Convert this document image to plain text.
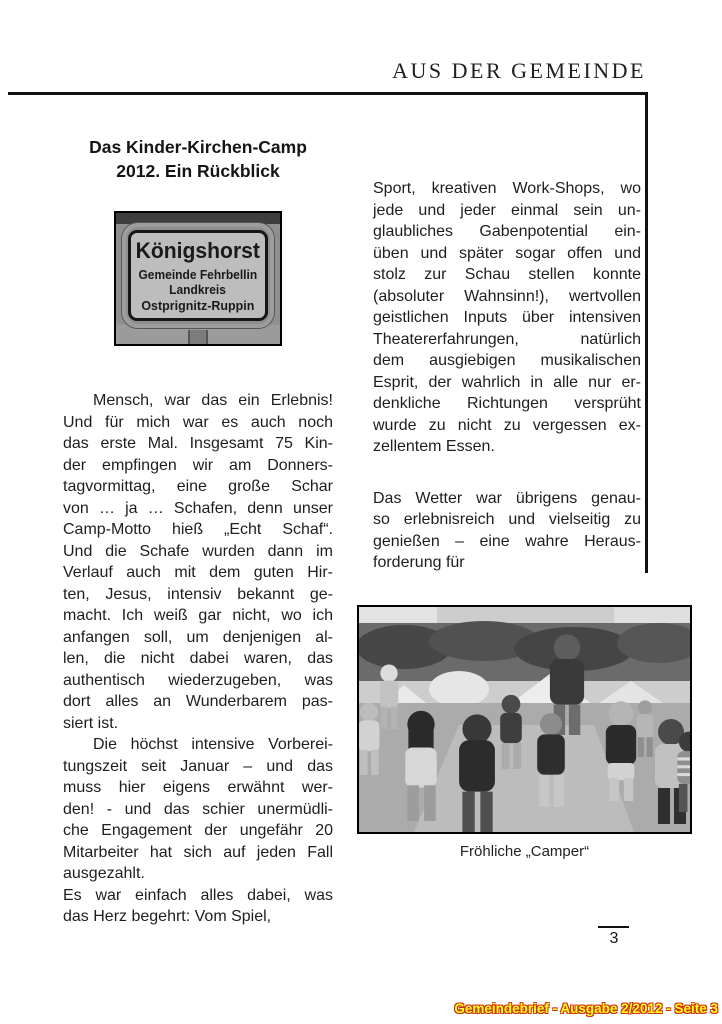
AUS DER GEMEINDE
Das Kinder-Kirchen-Camp
2012. Ein Rückblick
Königshorst
Gemeinde Fehrbellin
Landkreis
Ostprignitz-Ruppin
Mensch, war das ein Erlebnis!
Und für mich war es auch noch
das erste Mal. Insgesamt 75 Kin-
der empfingen wir am Donners-
tagvormittag, eine große Schar
von … ja … Schafen, denn unser
Camp-Motto hieß „Echt Schaf“.
Und die Schafe wurden dann im
Verlauf auch mit dem guten Hir-
ten, Jesus, intensiv bekannt ge-
macht. Ich weiß gar nicht, wo ich
anfangen soll, um denjenigen al-
len, die nicht dabei waren, das
authentisch wiederzugeben, was
dort alles an Wunderbarem pas-
siert ist.
Die höchst intensive Vorberei-
tungszeit seit Januar – und das
muss hier eigens erwähnt wer-
den! - und das schier unermüdli-
che Engagement der ungefähr 20
Mitarbeiter hat sich auf jeden Fall
ausgezahlt.
Es war einfach alles dabei, was
das Herz begehrt: Vom Spiel,
Sport, kreativen Work-Shops, wo
jede und jeder einmal sein un-
glaubliches Gabenpotential ein-
üben und später sogar offen und
stolz zur Schau stellen konnte
(absoluter Wahnsinn!), wertvollen
geistlichen Inputs über intensiven
Theatererfahrungen, natürlich
dem ausgiebigen musikalischen
Esprit, der wahrlich in alle nur er-
denkliche Richtungen versprüht
wurde zu nicht zu vergessen ex-
zellentem Essen.
Das Wetter war übrigens genau-
so erlebnisreich und vielseitig zu
genießen – eine wahre Heraus-
forderung für
Fröhliche „Camper“
3
Gemeindebrief - Ausgabe 2/2012 - Seite 3
